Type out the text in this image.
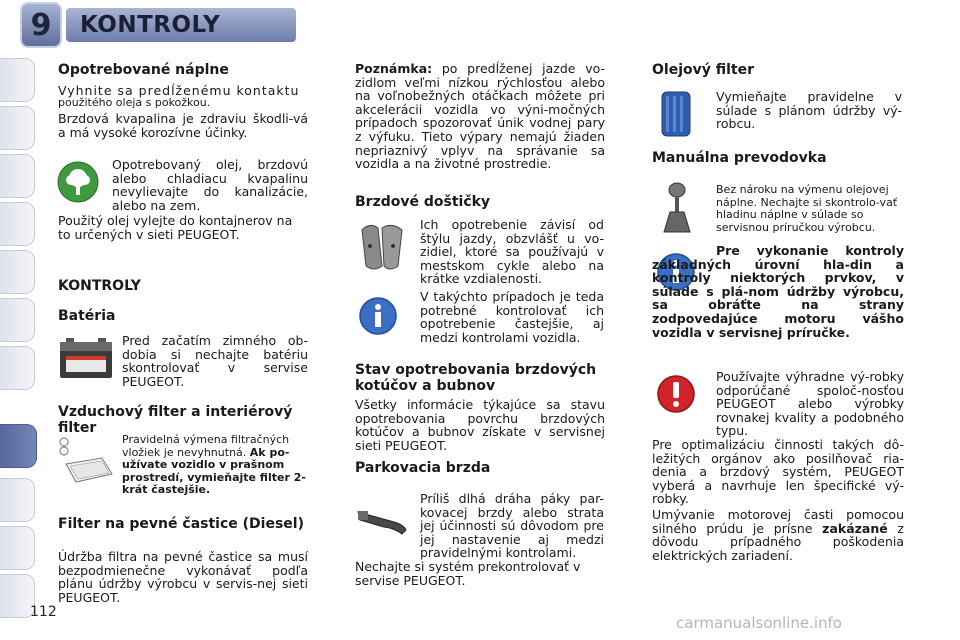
9	KONTROLY

Opotrebované náplne

Vyhnite sa predĺženému kontaktu

použitého oleja s pokožkou.

Brzdová kvapalina je zdraviu škodli-vá a má vysoké korozívne účinky.

Opotrebovaný olej, brzdovú alebo chladiacu kvapalinu nevylievajte do kanalizácie, alebo na zem.

Použitý olej vylejte do kontajnerov na to určených v sieti PEUGEOT.

KONTROLY

Batéria

Pred začatím zimného ob-dobia si nechajte batériu skontrolovať v servise PEUGEOT.

Vzduchový filter a interiérový filter

Pravidelná výmena filtračných vložiek je nevyhnutná. Ak po-užívate vozidlo v prašnom prostredí, vymieňajte filter 2-krát častejšie.

Filter na pevné častice (Diesel)

Údržba filtra na pevné častice sa musí bezpodmienečne vykonávať podľa plánu údržby výrobcu v servis-nej sieti PEUGEOT.

Poznámka: po predĺženej jazde vo-zidlom veľmi nízkou rýchlosťou alebo na voľnobežných otáčkach môžete pri akcelerácii vozidla vo výni-močných prípadoch spozorovať únik vodnej pary z výfuku. Tieto výpary nemajú žiaden nepriaznivý vplyv na správanie sa vozidla a na životné prostredie.

Brzdové doštičky

Ich opotrebenie závisí od štýlu jazdy, obzvlášť u vo-zidiel, ktoré sa používajú v mestskom cykle alebo na krátke vzdialenosti.

V takýchto prípadoch je teda potrebné kontrolovať ich opotrebenie častejšie, aj medzi kontrolami vozidla.

Stav opotrebovania brzdových kotúčov a bubnov

Všetky informácie týkajúce sa stavu opotrebovania povrchu brzdových kotúčov a bubnov získate v servisnej sieti PEUGEOT.

Parkovacia brzda

Príliš dlhá dráha páky par-kovacej brzdy alebo strata jej účinnosti sú dôvodom pre jej nastavenie aj medzi pravidelnými kontrolami.

Nechajte si systém prekontrolovať v servise PEUGEOT.

Olejový filter

Vymieňajte pravidelne v súlade s plánom údržby vý-robcu.

Manuálna prevodovka

Bez nároku na výmenu olejovej náplne. Nechajte si skontrolo-vať hladinu náplne v súlade so servisnou príručkou výrobcu.

Pre vykonanie kontroly základných úrovní hla-din a kontroly niektorých prvkov, v súlade s plá-nom údržby výrobcu, sa obráťte na strany zodpovedajúce motoru vášho vozidla v servisnej príručke.

Používajte výhradne vý-robky odporúčané spoloč-nosťou PEUGEOT alebo výrobky rovnakej kvality a podobného typu.

Pre optimalizáciu činnosti takých dô-ležitých orgánov ako posilňovač ria-denia a brzdový systém, PEUGEOT vyberá a navrhuje len špecifické vý-robky.

Umývanie motorovej časti pomocou silného prúdu je prísne zakázané z dôvodu prípadného poškodenia elektrických zariadení.

112
carmanualsonline.info
